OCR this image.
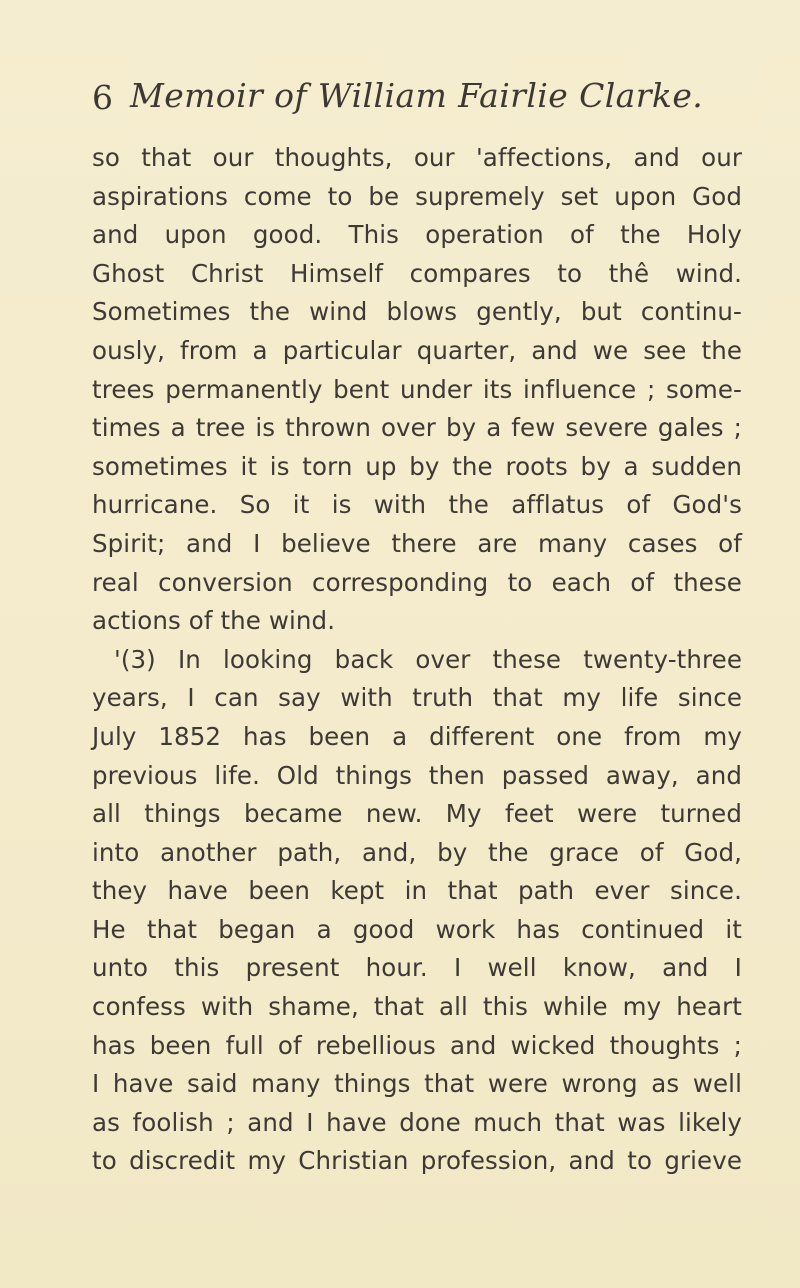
6 Memoir of William Fairlie Clarke.
so that our thoughts, our 'affections, and our
aspirations come to be supremely set upon God
and upon good. This operation of the Holy
Ghost Christ Himself compares to thê wind.
Sometimes the wind blows gently, but continu-
ously, from a particular quarter, and we see the
trees permanently bent under its influence ; some-
times a tree is thrown over by a few severe gales ;
sometimes it is torn up by the roots by a sudden
hurricane. So it is with the afflatus of God's
Spirit; and I believe there are many cases of
real conversion corresponding to each of these
actions of the wind.
'(3) In looking back over these twenty-three
years, I can say with truth that my life since
July 1852 has been a different one from my
previous life. Old things then passed away, and
all things became new. My feet were turned
into another path, and, by the grace of God,
they have been kept in that path ever since.
He that began a good work has continued it
unto this present hour. I well know, and I
confess with shame, that all this while my heart
has been full of rebellious and wicked thoughts ;
I have said many things that were wrong as well
as foolish ; and I have done much that was likely
to discredit my Christian profession, and to grieve
